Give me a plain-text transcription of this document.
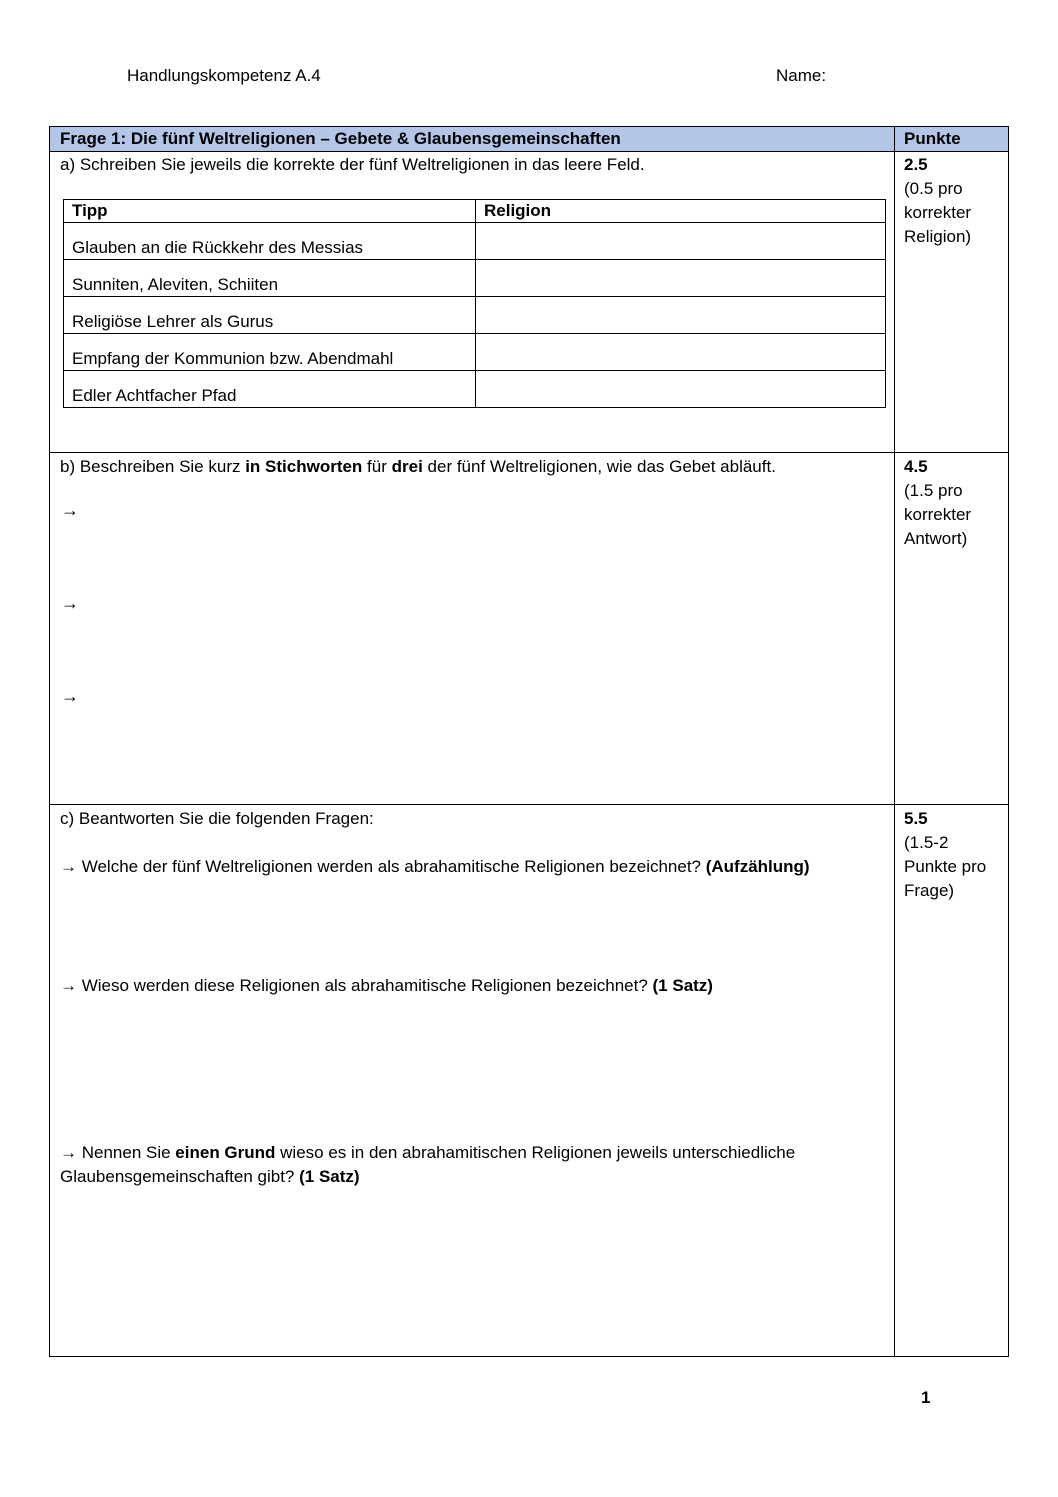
Handlungskompetenz A.4	Name:
Frage 1: Die fünf Weltreligionen – Gebete & Glaubensgemeinschaften	Punkte
a) Schreiben Sie jeweils die korrekte der fünf Weltreligionen in das leere Feld.	2.5
(0.5 pro korrekter Religion)
Tipp	Religion
Glauben an die Rückkehr des Messias	
Sunniten, Aleviten, Schiiten	
Religiöse Lehrer als Gurus	
Empfang der Kommunion bzw. Abendmahl	
Edler Achtfacher Pfad	
b) Beschreiben Sie kurz in Stichworten für drei der fünf Weltreligionen, wie das Gebet abläuft.	4.5
(1.5 pro korrekter Antwort)
→
→
→
c) Beantworten Sie die folgenden Fragen:	5.5
(1.5-2 Punkte pro Frage)
→ Welche der fünf Weltreligionen werden als abrahamitische Religionen bezeichnet? (Aufzählung)
→ Wieso werden diese Religionen als abrahamitische Religionen bezeichnet? (1 Satz)
→ Nennen Sie einen Grund wieso es in den abrahamitischen Religionen jeweils unterschiedliche Glaubensgemeinschaften gibt? (1 Satz)
1
